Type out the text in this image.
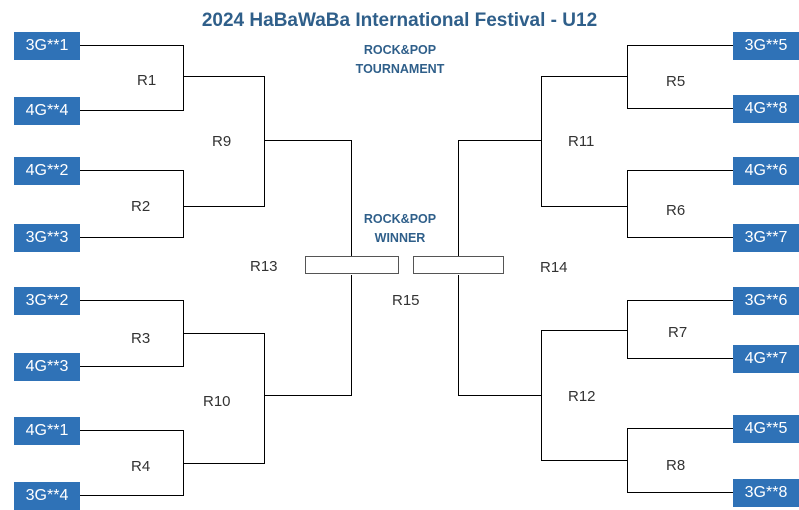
2024 HaBaWaBa International Festival - U12
ROCK&POP
TOURNAMENT
ROCK&POP
WINNER
3G**1
4G**4
4G**2
3G**3
3G**2
4G**3
4G**1
3G**4
3G**5
4G**8
4G**6
3G**7
3G**6
4G**7
4G**5
3G**8
R1
R2
R3
R4
R9
R10
R13
R15
R14
R11
R12
R5
R6
R7
R8
